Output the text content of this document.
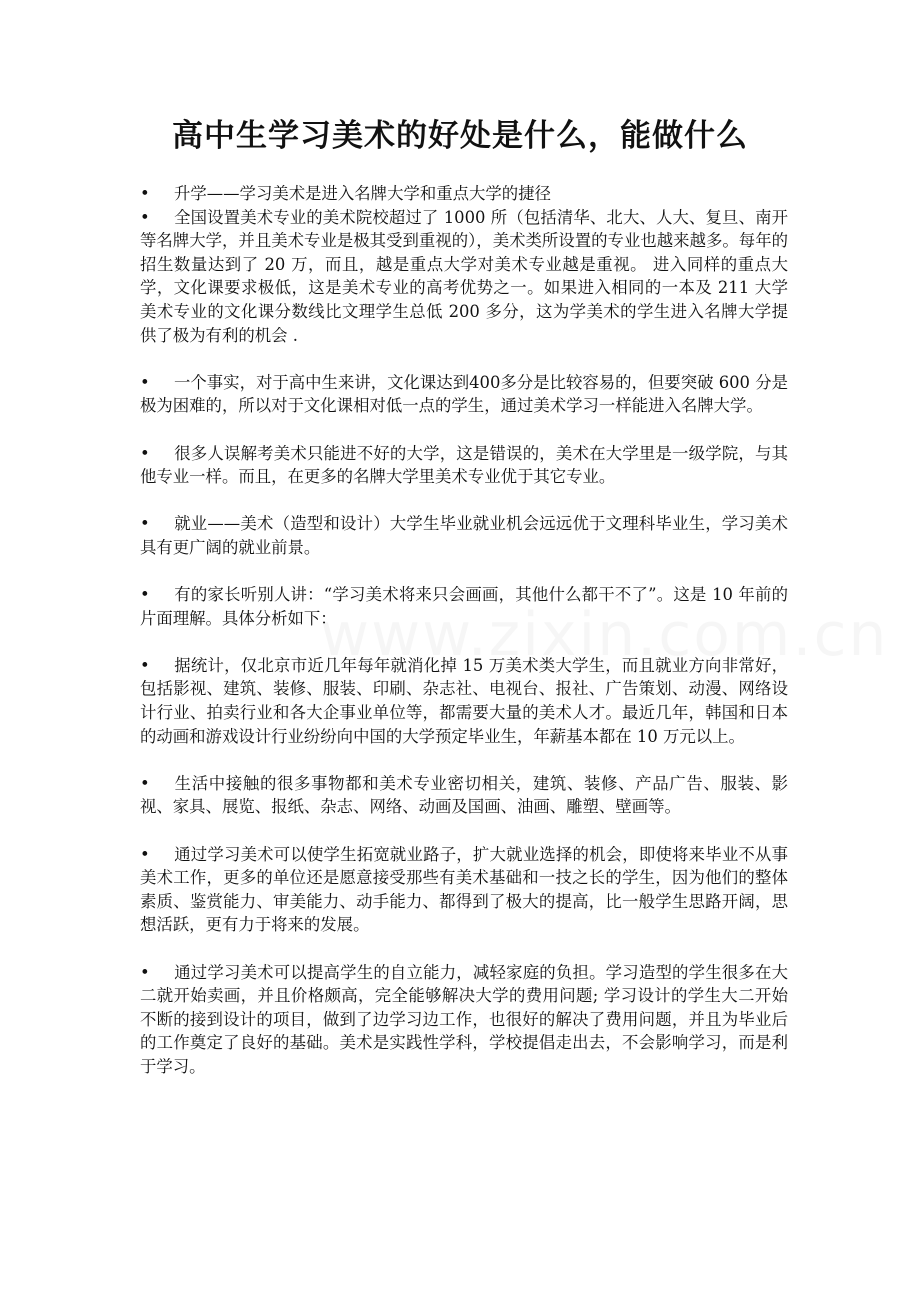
高中生学习美术的好处是什么，能做什么

• 升学——学习美术是进入名牌大学和重点大学的捷径

• 全国设置美术专业的美术院校超过了 1000 所（包括清华、北大、人大、复旦、南开等名牌大学，并且美术专业是极其受到重视的），美术类所设置的专业也越来越多。每年的招生数量达到了 20 万，而且，越是重点大学对美术专业越是重视。 进入同样的重点大学，文化课要求极低，这是美术专业的高考优势之一。如果进入相同的一本及 211 大学美术专业的文化课分数线比文理学生总低 200 多分，这为学美术的学生进入名牌大学提供了极为有利的机会 .

• 一个事实，对于高中生来讲，文化课达到400多分是比较容易的，但要突破 600 分是极为困难的，所以对于文化课相对低一点的学生，通过美术学习一样能进入名牌大学。

• 很多人误解考美术只能进不好的大学，这是错误的，美术在大学里是一级学院，与其他专业一样。而且，在更多的名牌大学里美术专业优于其它专业。

• 就业——美术（造型和设计）大学生毕业就业机会远远优于文理科毕业生，学习美术具有更广阔的就业前景。

• 有的家长听别人讲：“学习美术将来只会画画，其他什么都干不了”。这是 10 年前的片面理解。具体分析如下：

• 据统计，仅北京市近几年每年就消化掉 15 万美术类大学生，而且就业方向非常好，包括影视、建筑、装修、服装、印刷、杂志社、电视台、报社、广告策划、动漫、网络设计行业、拍卖行业和各大企事业单位等，都需要大量的美术人才。最近几年，韩国和日本的动画和游戏设计行业纷纷向中国的大学预定毕业生，年薪基本都在 10 万元以上。

• 生活中接触的很多事物都和美术专业密切相关，建筑、装修、产品广告、服装、影视、家具、展览、报纸、杂志、网络、动画及国画、油画、雕塑、壁画等。

• 通过学习美术可以使学生拓宽就业路子，扩大就业选择的机会，即使将来毕业不从事美术工作，更多的单位还是愿意接受那些有美术基础和一技之长的学生，因为他们的整体素质、鉴赏能力、审美能力、动手能力、都得到了极大的提高，比一般学生思路开阔，思想活跃，更有力于将来的发展。

• 通过学习美术可以提高学生的自立能力，减轻家庭的负担。学习造型的学生很多在大二就开始卖画，并且价格颇高，完全能够解决大学的费用问题; 学习设计的学生大二开始不断的接到设计的项目，做到了边学习边工作，也很好的解决了费用问题，并且为毕业后的工作奠定了良好的基础。美术是实践性学科，学校提倡走出去，不会影响学习，而是利于学习。
